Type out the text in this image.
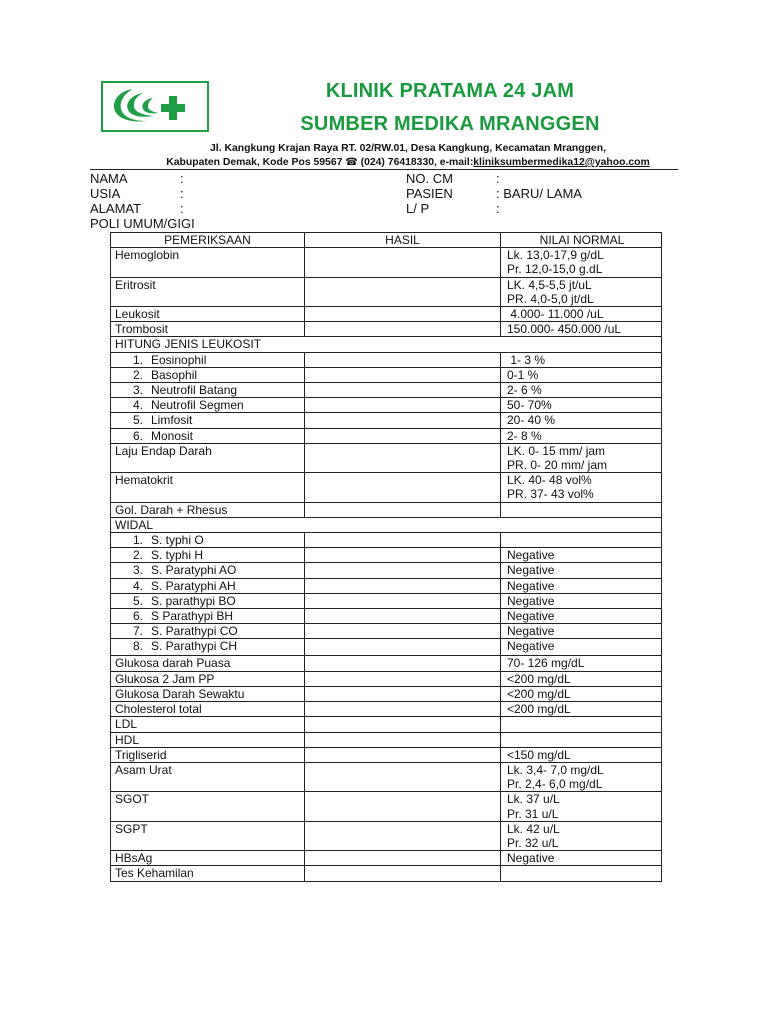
KLINIK PRATAMA 24 JAM
SUMBER MEDIKA MRANGGEN
Jl. Kangkung Krajan Raya RT. 02/RW.01, Desa Kangkung, Kecamatan Mranggen,
Kabupaten Demak, Kode Pos 59567 ☎ (024) 76418330, e-mail:kliniksumbermedika12@yahoo.com
NAMA	:
USIA	:
ALAMAT	:
POLI UMUM/GIGI
NO. CM	:
PASIEN	: BARU/ LAMA
L/ P	:
PEMERIKSAAN	HASIL	NILAI NORMAL
Hemoglobin		Lk. 13,0-17,9 g/dL
Pr. 12,0-15,0 g.dL

Eritrosit		LK. 4,5-5,5 jt/uL
PR. 4,0-5,0 jt/dL

Leukosit		4.000- 11.000 /uL

Trombosit		150.000- 450.000 /uL

HITUNG JENIS LEUKOSIT		
1. Eosinophil		1- 3 %

2. Basophil		0-1 %

3. Neutrofil Batang		2- 6 %

4. Neutrofil Segmen		50- 70%

5. Limfosit		20- 40 %

6. Monosit		2- 8 %

Laju Endap Darah		LK. 0- 15 mm/ jam
PR. 0- 20 mm/ jam

Hematokrit		LK. 40- 48 vol%
PR. 37- 43 vol%

Gol. Darah + Rhesus		

WIDAL		
1. S. typhi O		

2. S. typhi H		Negative

3. S. Paratyphi AO		Negative

4. S. Paratyphi AH		Negative

5. S. parathypi BO		Negative

6. S Parathypi BH		Negative

7. S. Parathypi CO		Negative

8. S. Parathypi CH		Negative

Glukosa darah Puasa		70- 126 mg/dL

Glukosa 2 Jam PP		<200 mg/dL

Glukosa Darah Sewaktu		<200 mg/dL

Cholesterol total		<200 mg/dL

LDL		

HDL		

Trigliserid		<150 mg/dL

Asam Urat		Lk. 3,4- 7,0 mg/dL
Pr. 2,4- 6,0 mg/dL

SGOT		Lk. 37 u/L
Pr. 31 u/L

SGPT		Lk. 42 u/L
Pr. 32 u/L

HBsAg		Negative

Tes Kehamilan		
